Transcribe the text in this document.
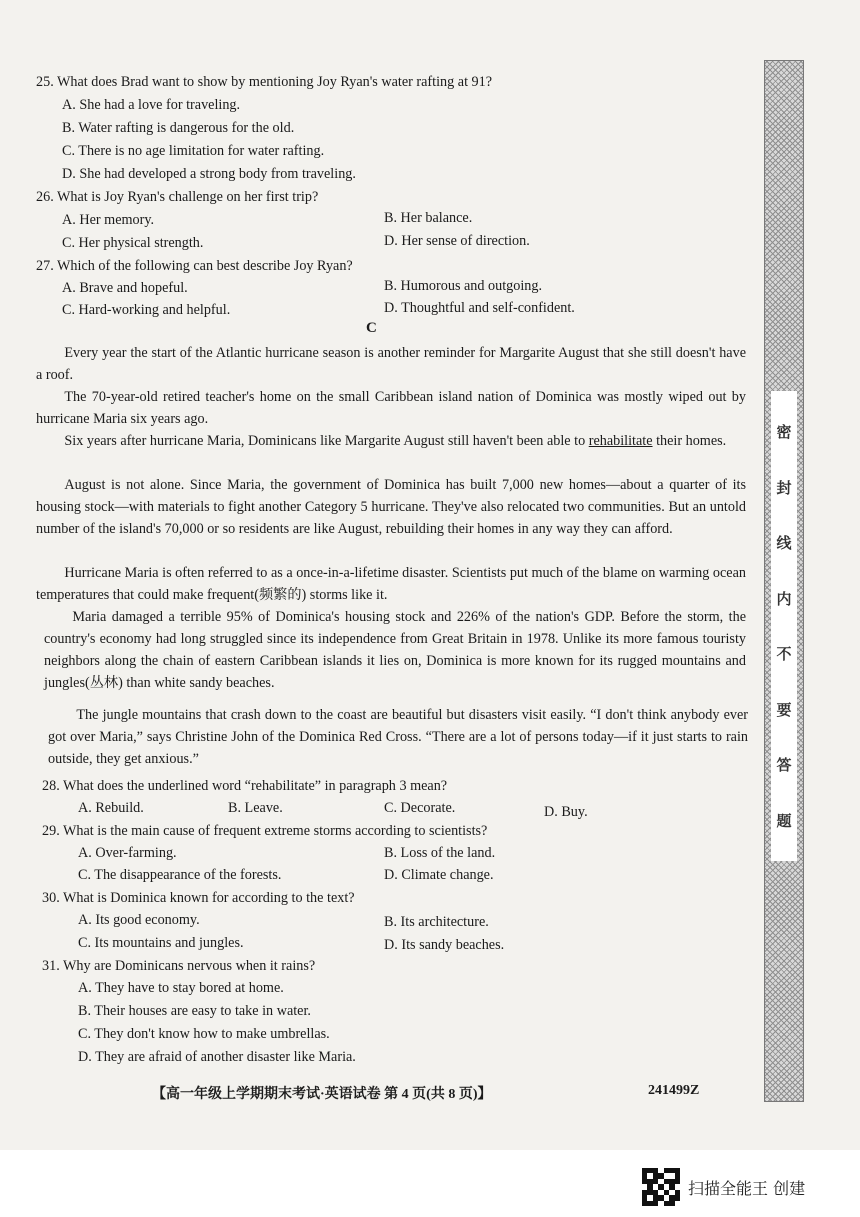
25. What does Brad want to show by mentioning Joy Ryan's water rafting at 91?
A. She had a love for traveling.
B. Water rafting is dangerous for the old.
C. There is no age limitation for water rafting.
D. She had developed a strong body from traveling.
26. What is Joy Ryan's challenge on her first trip?
A. Her memory.	B. Her balance.
C. Her physical strength.	D. Her sense of direction.
27. Which of the following can best describe Joy Ryan?
A. Brave and hopeful.	B. Humorous and outgoing.
C. Hard-working and helpful.	D. Thoughtful and self-confident.
C

Every year the start of the Atlantic hurricane season is another reminder for Margarite August that she still doesn't have a roof.

The 70-year-old retired teacher's home on the small Caribbean island nation of Dominica was mostly wiped out by hurricane Maria six years ago.

Six years after hurricane Maria, Dominicans like Margarite August still haven't been able to rehabilitate their homes.

August is not alone. Since Maria, the government of Dominica has built 7,000 new homes—about a quarter of its housing stock—with materials to fight another Category 5 hurricane. They've also relocated two communities. But an untold number of the island's 70,000 or so residents are like August, rebuilding their homes in any way they can afford.

Hurricane Maria is often referred to as a once-in-a-lifetime disaster. Scientists put much of the blame on warming ocean temperatures that could make frequent(频繁的) storms like it.

Maria damaged a terrible 95% of Dominica's housing stock and 226% of the nation's GDP. Before the storm, the country's economy had long struggled since its independence from Great Britain in 1978. Unlike its more famous touristy neighbors along the chain of eastern Caribbean islands it lies on, Dominica is more known for its rugged mountains and jungles(丛林) than white sandy beaches.

The jungle mountains that crash down to the coast are beautiful but disasters visit easily. “I don't think anybody ever got over Maria,” says Christine John of the Dominica Red Cross. “There are a lot of persons today—if it just starts to rain outside, they get anxious.”

28. What does the underlined word “rehabilitate” in paragraph 3 mean?
A. Rebuild.	B. Leave.	C. Decorate.	D. Buy.
29. What is the main cause of frequent extreme storms according to scientists?
A. Over-farming.	B. Loss of the land.
C. The disappearance of the forests.	D. Climate change.
30. What is Dominica known for according to the text?
A. Its good economy.	B. Its architecture.
C. Its mountains and jungles.	D. Its sandy beaches.
31. Why are Dominicans nervous when it rains?
A. They have to stay bored at home.
B. Their houses are easy to take in water.
C. They don't know how to make umbrellas.
D. They are afraid of another disaster like Maria.
【高一年级上学期期末考试·英语试卷 第 4 页(共 8 页)】	241499Z
密
封
线
内
不
要
答
题
扫描全能王 创建
